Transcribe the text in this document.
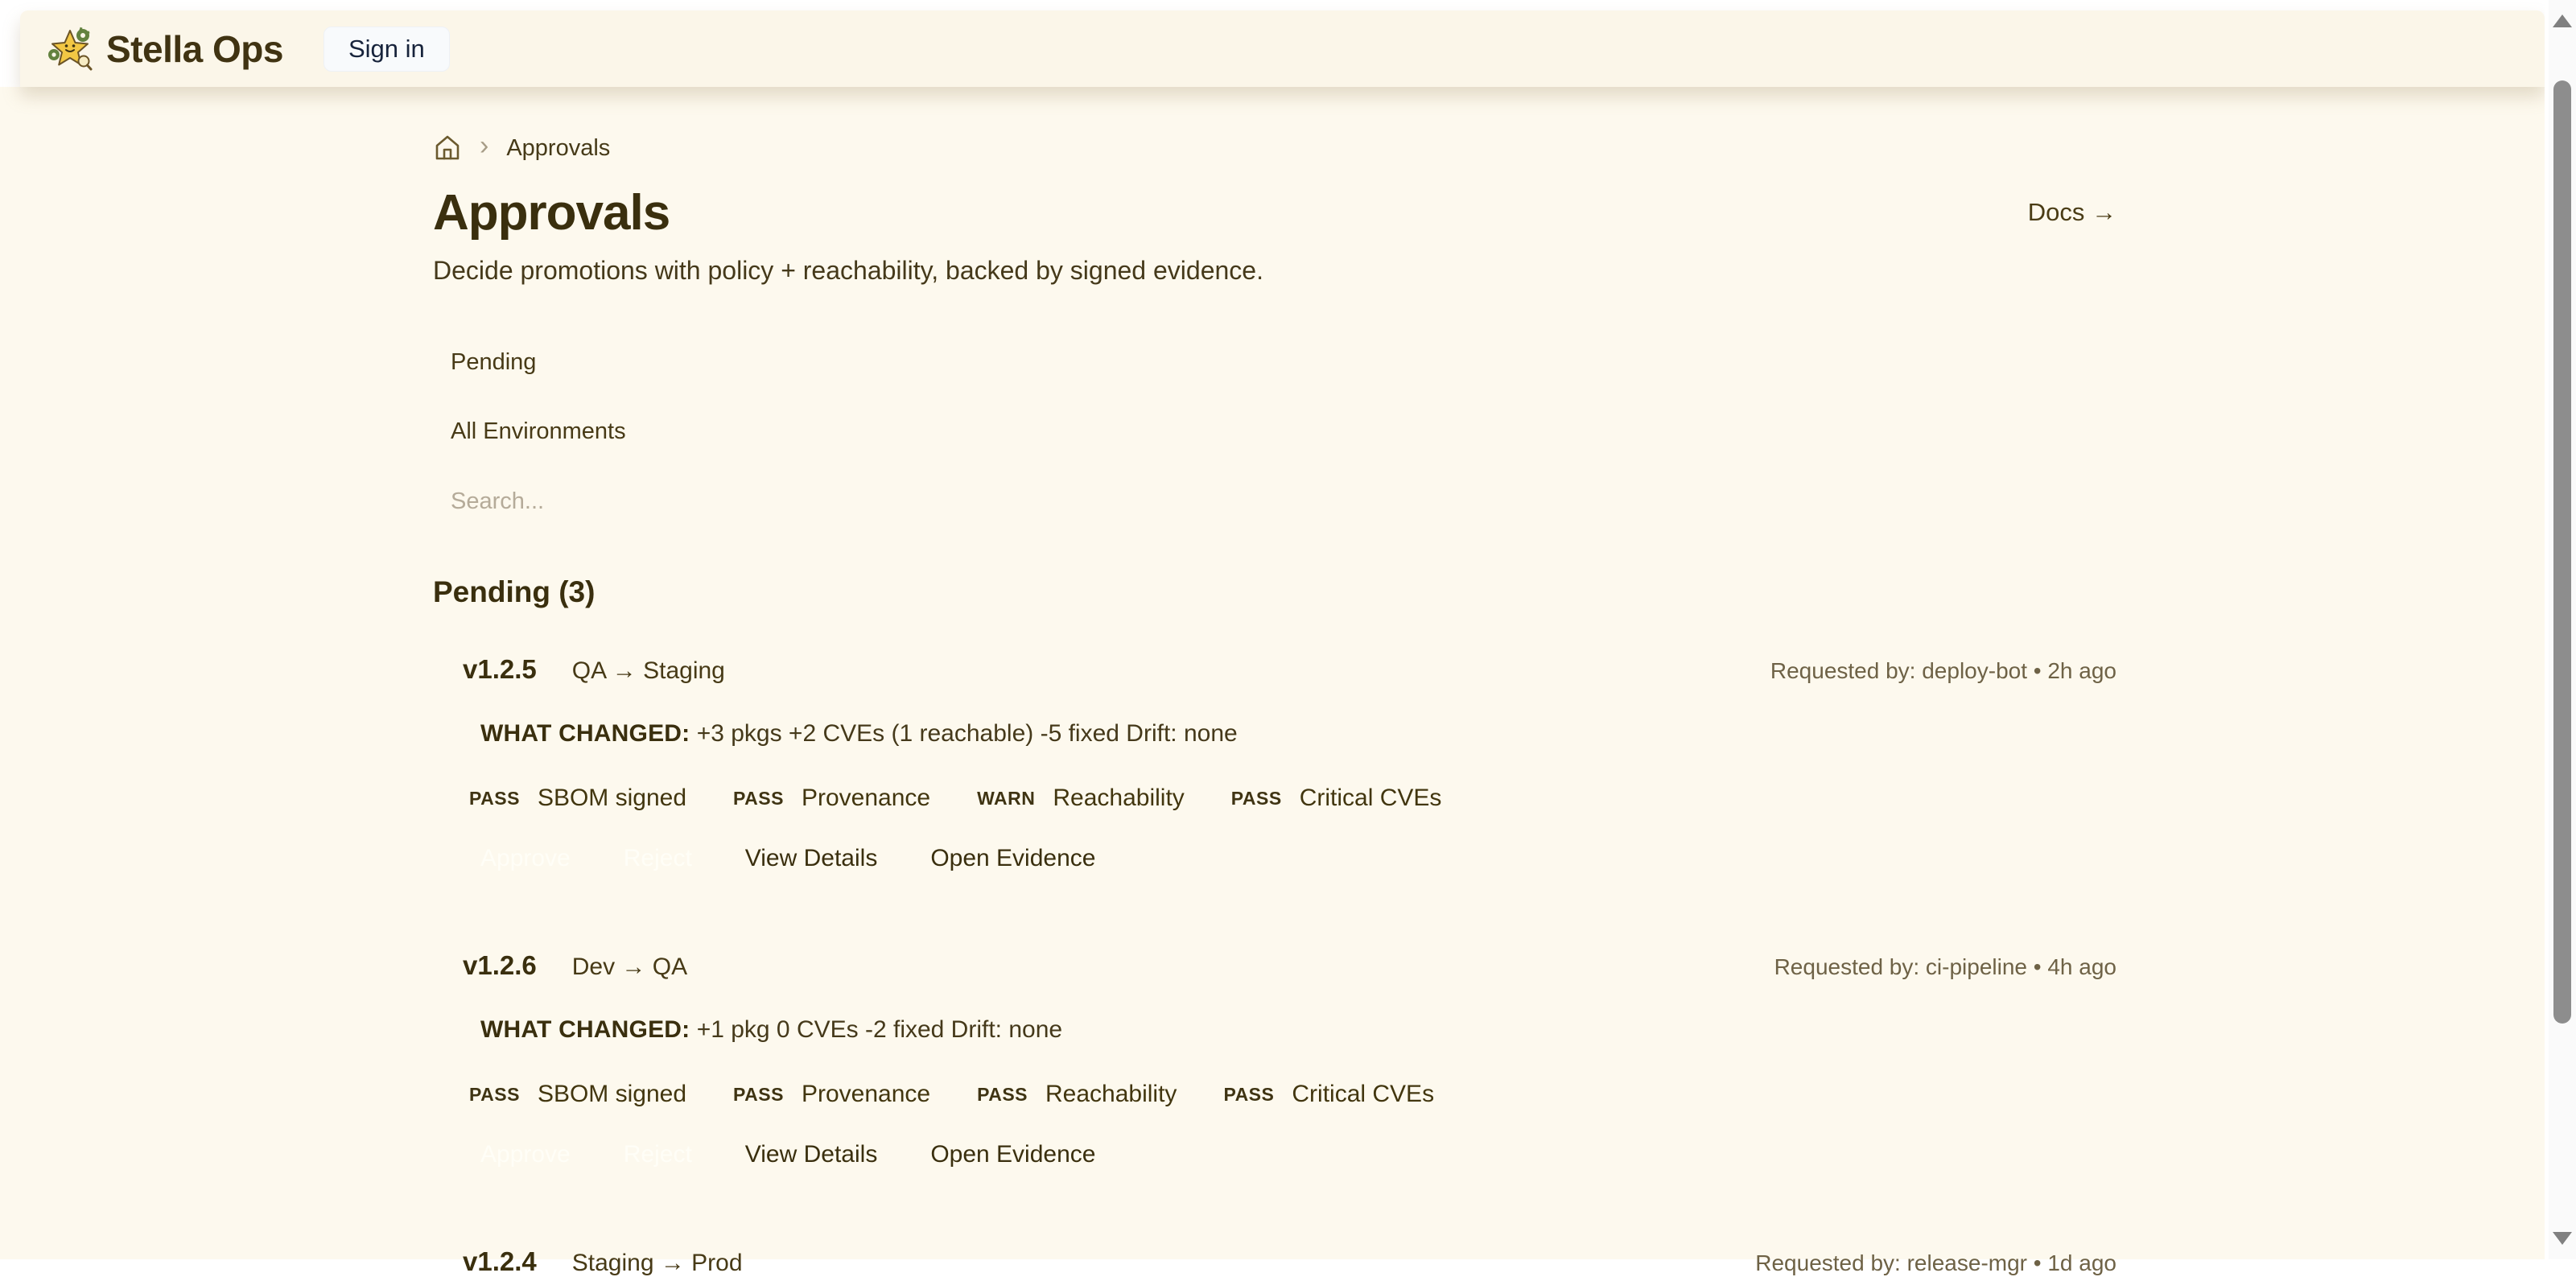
Stella Ops	Sign in
› Approvals
Approvals	Docs →
Decide promotions with policy + reachability, backed by signed evidence.
Pending
All Environments
Search...
Pending (3)
v1.2.5 QA → Staging	Requested by: deploy-bot • 2h ago
WHAT CHANGED: +3 pkgs +2 CVEs (1 reachable) -5 fixed Drift: none
PASS SBOM signed	PASS Provenance	WARN Reachability	PASS Critical CVEs
Approve Reject View Details Open Evidence
v1.2.6 Dev → QA	Requested by: ci-pipeline • 4h ago
WHAT CHANGED: +1 pkg 0 CVEs -2 fixed Drift: none
PASS SBOM signed	PASS Provenance	PASS Reachability	PASS Critical CVEs
Approve Reject View Details Open Evidence
v1.2.4 Staging → Prod	Requested by: release-mgr • 1d ago
